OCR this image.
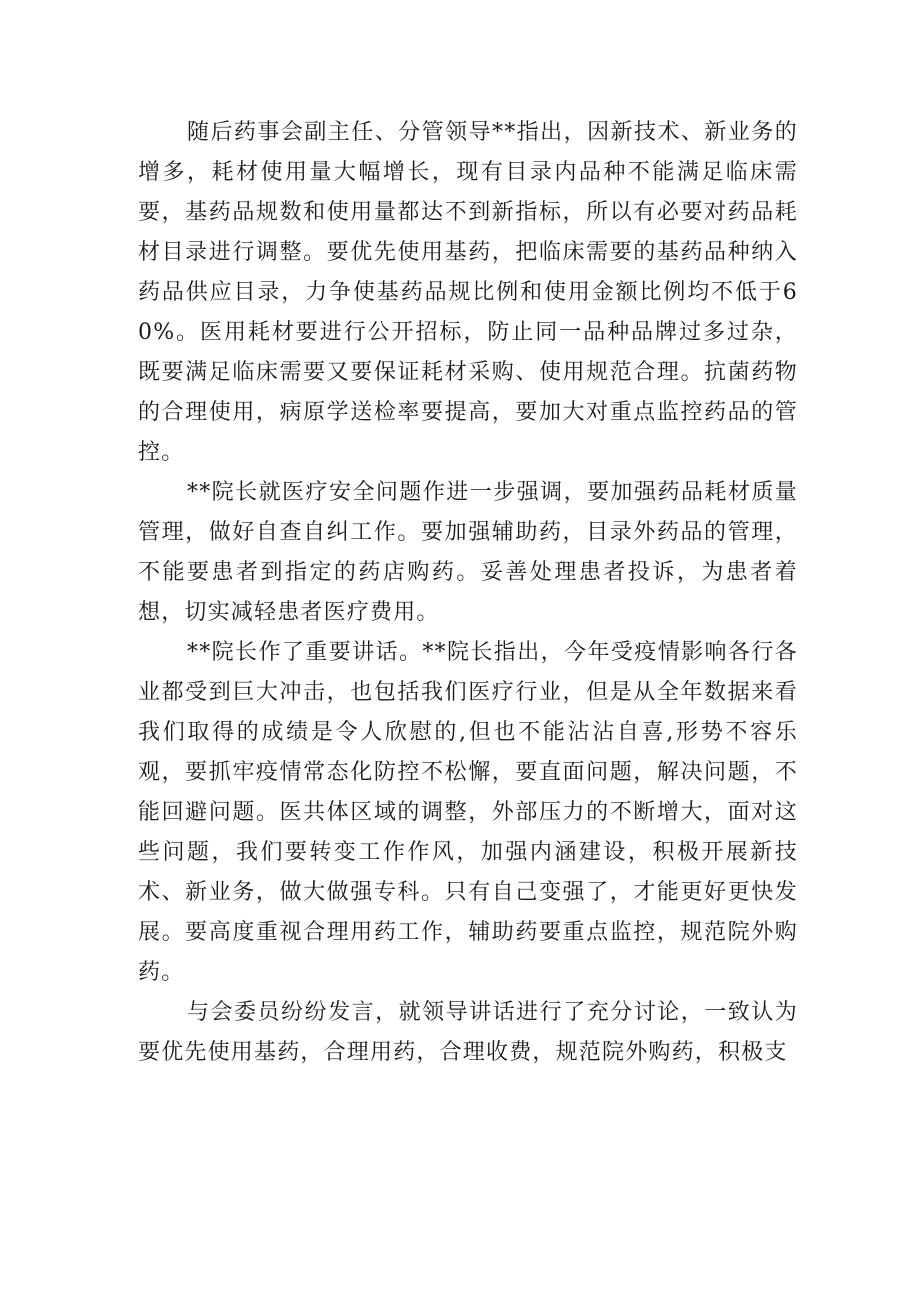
随后药事会副主任、分管领导**指出，因新技术、新业务的增多，耗材使用量大幅增长，现有目录内品种不能满足临床需要，基药品规数和使用量都达不到新指标，所以有必要对药品耗材目录进行调整。要优先使用基药，把临床需要的基药品种纳入药品供应目录，力争使基药品规比例和使用金额比例均不低于60%。医用耗材要进行公开招标，防止同一品种品牌过多过杂，既要满足临床需要又要保证耗材采购、使用规范合理。抗菌药物的合理使用，病原学送检率要提高，要加大对重点监控药品的管控。

**院长就医疗安全问题作进一步强调，要加强药品耗材质量管理，做好自查自纠工作。要加强辅助药，目录外药品的管理，不能要患者到指定的药店购药。妥善处理患者投诉，为患者着想，切实减轻患者医疗费用。

**院长作了重要讲话。**院长指出，今年受疫情影响各行各业都受到巨大冲击，也包括我们医疗行业，但是从全年数据来看我们取得的成绩是令人欣慰的,但也不能沾沾自喜,形势不容乐观，要抓牢疫情常态化防控不松懈，要直面问题，解决问题，不能回避问题。医共体区域的调整，外部压力的不断增大，面对这些问题，我们要转变工作作风，加强内涵建设，积极开展新技术、新业务，做大做强专科。只有自己变强了，才能更好更快发展。要高度重视合理用药工作，辅助药要重点监控，规范院外购药。

与会委员纷纷发言，就领导讲话进行了充分讨论，一致认为要优先使用基药，合理用药，合理收费，规范院外购药，积极支
